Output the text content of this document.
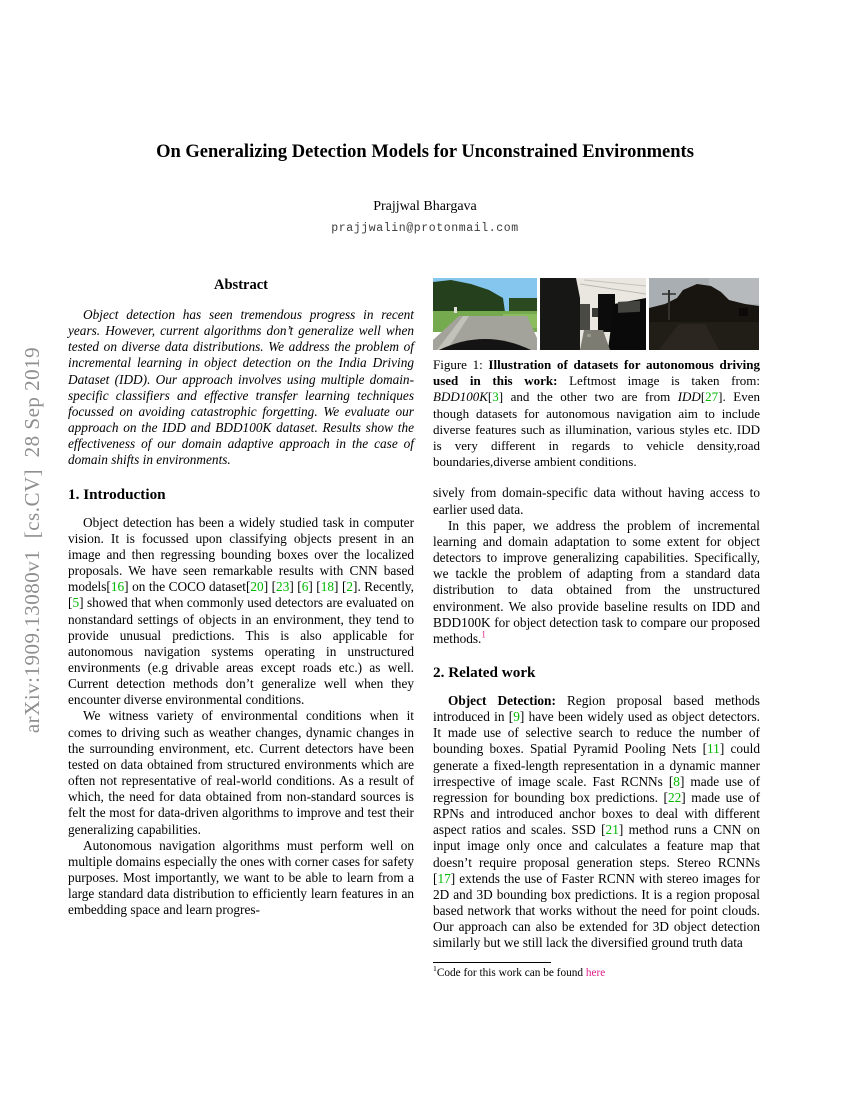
arXiv:1909.13080v1  [cs.CV]  28 Sep 2019
On Generalizing Detection Models for Unconstrained Environments
Prajjwal Bhargava
prajjwalin@protonmail.com
Abstract

Object detection has seen tremendous progress in recent years. However, current algorithms don’t generalize well when tested on diverse data distributions. We address the problem of incremental learning in object detection on the India Driving Dataset (IDD). Our approach involves using multiple domain-specific classifiers and effective transfer learning techniques focussed on avoiding catastrophic forgetting. We evaluate our approach on the IDD and BDD100K dataset. Results show the effectiveness of our domain adaptive approach in the case of domain shifts in environments.

1. Introduction

Object detection has been a widely studied task in computer vision. It is focussed upon classifying objects present in an image and then regressing bounding boxes over the localized proposals. We have seen remarkable results with CNN based models[16] on the COCO dataset[20] [23] [6] [18] [2]. Recently, [5] showed that when commonly used detectors are evaluated on nonstandard settings of objects in an environment, they tend to provide unusual predictions. This is also applicable for autonomous navigation systems operating in unstructured environments (e.g drivable areas except roads etc.) as well. Current detection methods don’t generalize well when they encounter diverse environmental conditions.

We witness variety of environmental conditions when it comes to driving such as weather changes, dynamic changes in the surrounding environment, etc. Current detectors have been tested on data obtained from structured environments which are often not representative of real-world conditions. As a result of which, the need for data obtained from non-standard sources is felt the most for data-driven algorithms to improve and test their generalizing capabilities.

Autonomous navigation algorithms must perform well on multiple domains especially the ones with corner cases for safety purposes. Most importantly, we want to be able to learn from a large standard data distribution to efficiently learn features in an embedding space and learn progres-

Figure 1: Illustration of datasets for autonomous driving used in this work: Leftmost image is taken from: BDD100K[3] and the other two are from IDD[27]. Even though datasets for autonomous navigation aim to include diverse features such as illumination, various styles etc. IDD is very different in regards to vehicle density,road boundaries,diverse ambient conditions.

sively from domain-specific data without having access to earlier used data.

In this paper, we address the problem of incremental learning and domain adaptation to some extent for object detectors to improve generalizing capabilities. Specifically, we tackle the problem of adapting from a standard data distribution to data obtained from the unstructured environment. We also provide baseline results on IDD and BDD100K for object detection task to compare our proposed methods.$^1$

2. Related work

Object Detection: Region proposal based methods introduced in [9] have been widely used as object detectors. It made use of selective search to reduce the number of bounding boxes. Spatial Pyramid Pooling Nets [11] could generate a fixed-length representation in a dynamic manner irrespective of image scale. Fast RCNNs [8] made use of regression for bounding box predictions. [22] made use of RPNs and introduced anchor boxes to deal with different aspect ratios and scales. SSD [21] method runs a CNN on input image only once and calculates a feature map that doesn’t require proposal generation steps. Stereo RCNNs [17] extends the use of Faster RCNN with stereo images for 2D and 3D bounding box predictions. It is a region proposal based network that works without the need for point clouds. Our approach can also be extended for 3D object detection similarly but we still lack the diversified ground truth data

$^1$Code for this work can be found here
